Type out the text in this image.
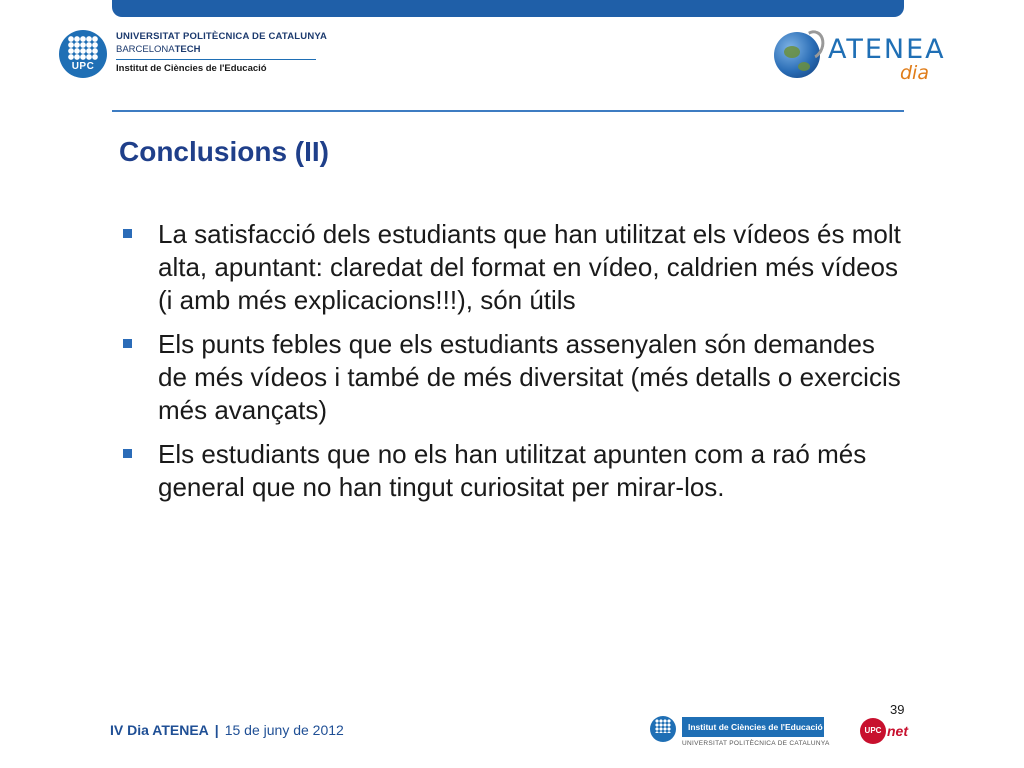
UPC
UNIVERSITAT POLITÈCNICA DE CATALUNYA
BARCELONATECH
Institut de Ciències de l'Educació
ATENEA
dia
Conclusions (II)
La satisfacció dels estudiants que han utilitzat els vídeos és molt alta, apuntant: claredat del format en vídeo, caldrien més vídeos (i amb més explicacions!!!), són útils
Els punts febles que els estudiants assenyalen són demandes de més vídeos i també de més diversitat (més detalls o exercicis més avançats)
Els estudiants que no els han utilitzat apunten com a raó més general que no han tingut curiositat per mirar-los.
39
IV Dia ATENEA | 15 de juny de 2012	Institut de Ciències de l'Educació
UNIVERSITAT POLITÈCNICA DE CATALUNYA
UPC net
